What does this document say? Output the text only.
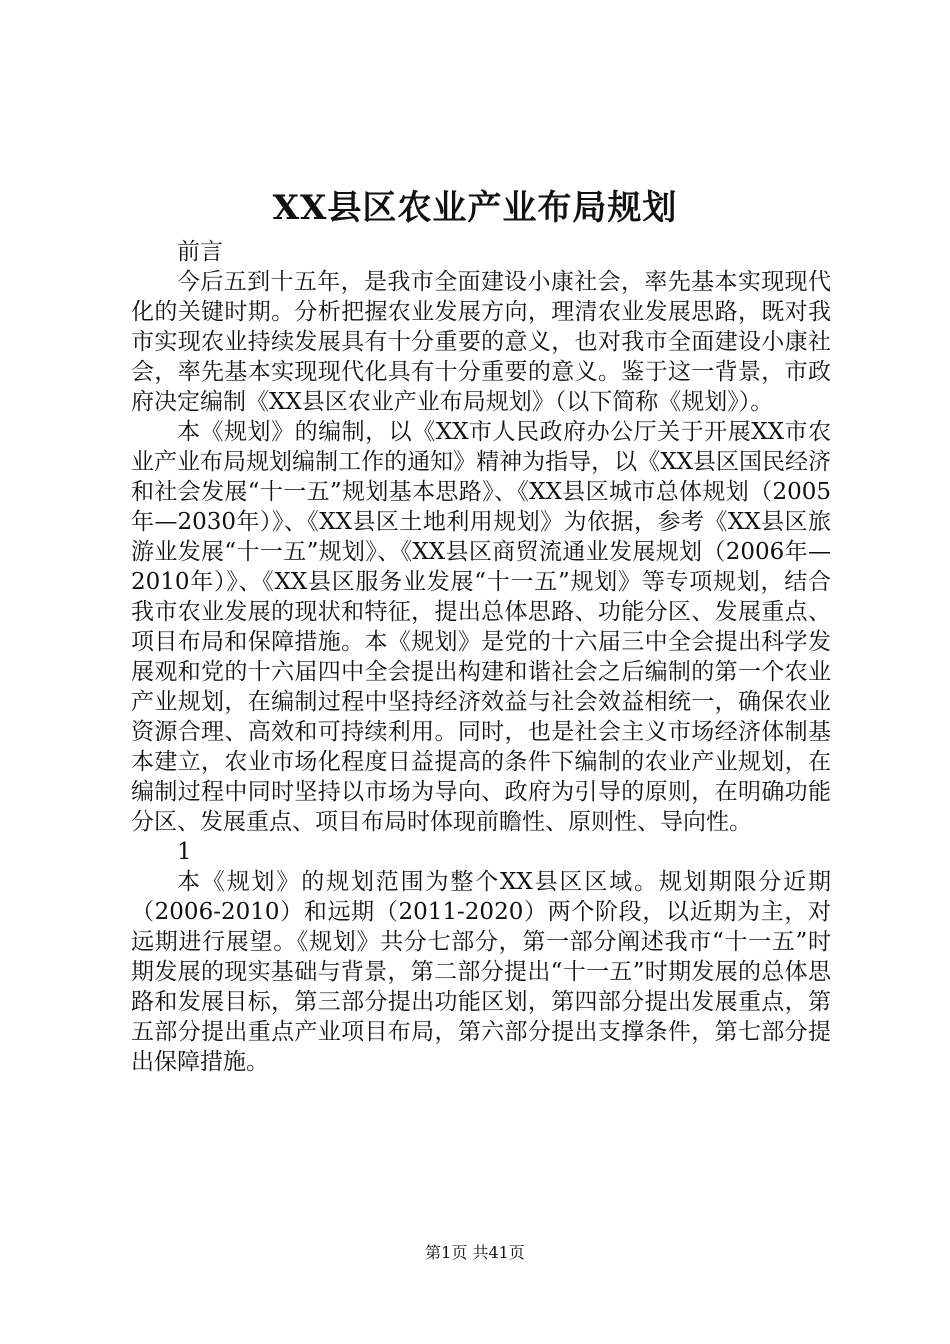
XX县区农业产业布局规划

前言

今后五到十五年，是我市全面建设小康社会，率先基本实现现代化的关键时期。分析把握农业发展方向，理清农业发展思路，既对我市实现农业持续发展具有十分重要的意义，也对我市全面建设小康社会，率先基本实现现代化具有十分重要的意义。鉴于这一背景，市政府决定编制《XX县区农业产业布局规划》（以下简称《规划》）。

本《规划》的编制，以《XX市人民政府办公厅关于开展XX市农业产业布局规划编制工作的通知》精神为指导，以《XX县区国民经济和社会发展“十一五”规划基本思路》、《XX县区城市总体规划（2005年—2030年）》、《XX县区土地利用规划》为依据，参考《XX县区旅游业发展“十一五”规划》、《XX县区商贸流通业发展规划（2006年—2010年）》、《XX县区服务业发展“十一五”规划》等专项规划，结合我市农业发展的现状和特征，提出总体思路、功能分区、发展重点、项目布局和保障措施。本《规划》是党的十六届三中全会提出科学发展观和党的十六届四中全会提出构建和谐社会之后编制的第一个农业产业规划，在编制过程中坚持经济效益与社会效益相统一，确保农业资源合理、高效和可持续利用。同时，也是社会主义市场经济体制基本建立，农业市场化程度日益提高的条件下编制的农业产业规划，在编制过程中同时坚持以市场为导向、政府为引导的原则，在明确功能分区、发展重点、项目布局时体现前瞻性、原则性、导向性。

1

本《规划》的规划范围为整个XX县区区域。规划期限分近期（2006-2010）和远期（2011-2020）两个阶段，以近期为主，对远期进行展望。《规划》共分七部分，第一部分阐述我市“十一五”时期发展的现实基础与背景，第二部分提出“十一五”时期发展的总体思路和发展目标，第三部分提出功能区划，第四部分提出发展重点，第五部分提出重点产业项目布局，第六部分提出支撑条件，第七部分提出保障措施。

第1页 共41页
